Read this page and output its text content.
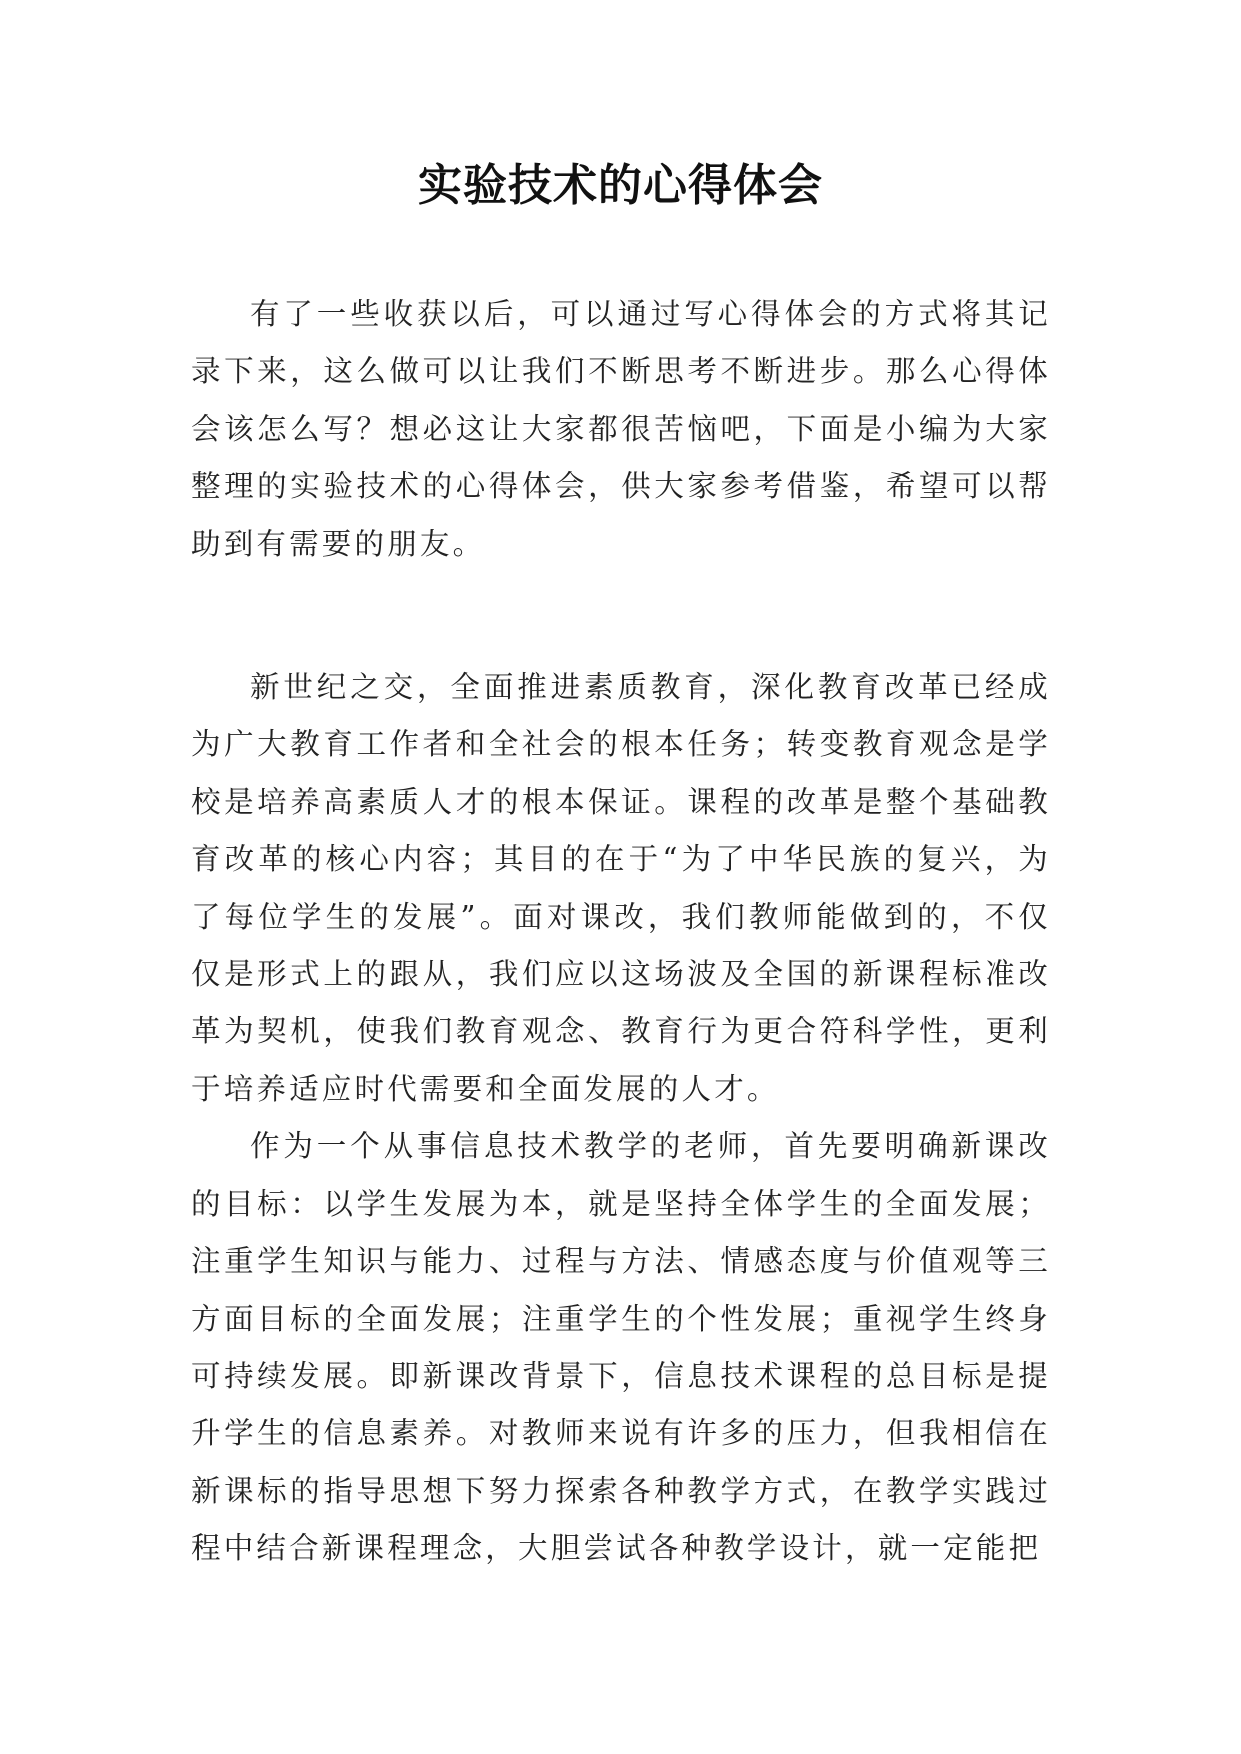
实验技术的心得体会

有了一些收获以后，可以通过写心得体会的方式将其记录下来，这么做可以让我们不断思考不断进步。那么心得体会该怎么写？想必这让大家都很苦恼吧，下面是小编为大家整理的实验技术的心得体会，供大家参考借鉴，希望可以帮助到有需要的朋友。

新世纪之交，全面推进素质教育，深化教育改革已经成为广大教育工作者和全社会的根本任务；转变教育观念是学校是培养高素质人才的根本保证。课程的改革是整个基础教育改革的核心内容；其目的在于“为了中华民族的复兴，为了每位学生的发展”。面对课改，我们教师能做到的，不仅仅是形式上的跟从，我们应以这场波及全国的新课程标准改革为契机，使我们教育观念、教育行为更合符科学性，更利于培养适应时代需要和全面发展的人才。

作为一个从事信息技术教学的老师，首先要明确新课改的目标：以学生发展为本，就是坚持全体学生的全面发展；注重学生知识与能力、过程与方法、情感态度与价值观等三方面目标的全面发展；注重学生的个性发展；重视学生终身可持续发展。即新课改背景下，信息技术课程的总目标是提升学生的信息素养。对教师来说有许多的压力，但我相信在新课标的指导思想下努力探索各种教学方式，在教学实践过程中结合新课程理念，大胆尝试各种教学设计，就一定能把
